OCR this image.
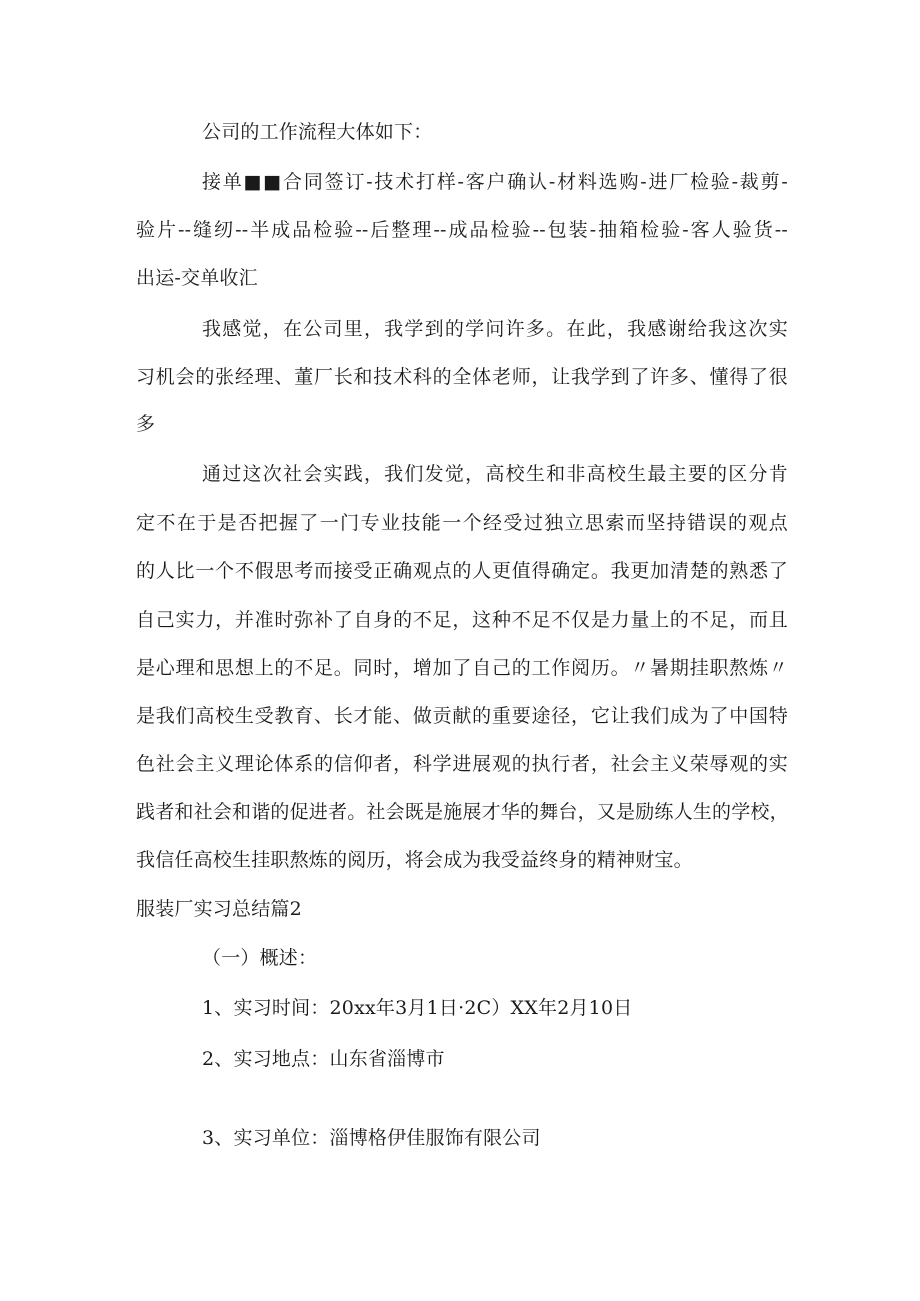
公司的工作流程大体如下：
接单■■合同签订-技术打样-客户确认-材料选购-进厂检验-裁剪-
验片--缝纫--半成品检验--后整理--成品检验--包装-抽箱检验-客人验货--
出运-交单收汇
我感觉，在公司里，我学到的学问许多。在此，我感谢给我这次实
习机会的张经理、董厂长和技术科的全体老师，让我学到了许多、懂得了很
多
通过这次社会实践，我们发觉，高校生和非高校生最主要的区分肯
定不在于是否把握了一门专业技能一个经受过独立思索而坚持错误的观点
的人比一个不假思考而接受正确观点的人更值得确定。我更加清楚的熟悉了
自己实力，并准时弥补了自身的不足，这种不足不仅是力量上的不足，而且
是心理和思想上的不足。同时，增加了自己的工作阅历。〃暑期挂职熬炼〃
是我们高校生受教育、长才能、做贡献的重要途径，它让我们成为了中国特
色社会主义理论体系的信仰者，科学进展观的执行者，社会主义荣辱观的实
践者和社会和谐的促进者。社会既是施展才华的舞台，又是励练人生的学校，
我信任高校生挂职熬炼的阅历，将会成为我受益终身的精神财宝。
服装厂实习总结篇2
（一）概述：
1、实习时间：20xx年3月1日·2C）XX年2月10日
2、实习地点：山东省淄博市
3、实习单位：淄博格伊佳服饰有限公司
